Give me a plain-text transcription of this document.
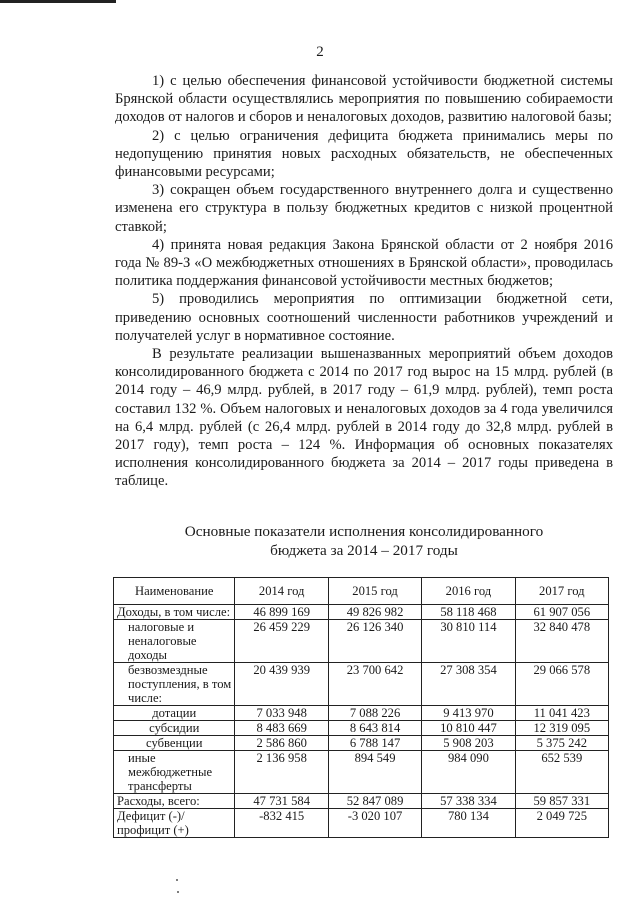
2

1) с целью обеспечения финансовой устойчивости бюджетной системы Брянской области осуществлялись мероприятия по повышению собираемости доходов от налогов и сборов и неналоговых доходов, развитию налоговой базы;

2) с целью ограничения дефицита бюджета принимались меры по недопущению принятия новых расходных обязательств, не обеспеченных финансовыми ресурсами;

3) сокращен объем государственного внутреннего долга и существенно изменена его структура в пользу бюджетных кредитов с низкой процентной ставкой;

4) принята новая редакция Закона Брянской области от 2 ноября 2016 года № 89-З «О межбюджетных отношениях в Брянской области», проводилась политика поддержания финансовой устойчивости местных бюджетов;

5) проводились мероприятия по оптимизации бюджетной сети, приведению основных соотношений численности работников учреждений и получателей услуг в нормативное состояние.

В результате реализации вышеназванных мероприятий объем доходов консолидированного бюджета с 2014 по 2017 год вырос на 15 млрд. рублей (в 2014 году – 46,9 млрд. рублей, в 2017 году – 61,9 млрд. рублей), темп роста составил 132 %. Объем налоговых и неналоговых доходов за 4 года увеличился на 6,4 млрд. рублей (с 26,4 млрд. рублей в 2014 году до 32,8 млрд. рублей в 2017 году), темп роста – 124 %. Информация об основных показателях исполнения консолидированного бюджета за 2014 – 2017 годы приведена в таблице.

Основные показатели исполнения консолидированного
бюджета за 2014 – 2017 годы
Наименование	2014 год	2015 год	2016 год	2017 год
Доходы, в том числе:	46 899 169	49 826 982	58 118 468	61 907 056
налоговые и неналоговые доходы	26 459 229	26 126 340	30 810 114	32 840 478
безвозмездные поступления, в том числе:	20 439 939	23 700 642	27 308 354	29 066 578
дотации	7 033 948	7 088 226	9 413 970	11 041 423
субсидии	8 483 669	8 643 814	10 810 447	12 319 095
субвенции	2 586 860	6 788 147	5 908 203	5 375 242
иные межбюджетные трансферты	2 136 958	894 549	984 090	652 539
Расходы, всего:	47 731 584	52 847 089	57 338 334	59 857 331
Дефицит (-)/ профицит (+)	-832 415	-3 020 107	780 134	2 049 725
